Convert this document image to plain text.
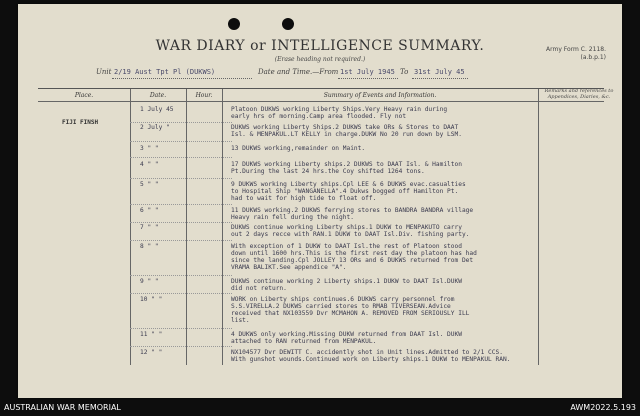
WAR DIARY or INTELLIGENCE SUMMARY.
(Erase heading not required.)
Army Form C. 2118.
(a.b.p.1)
Unit 2/19 Aust Tpt Pl (DUKWS)	Date and Time.—From 1st July 1945 To 31st July 45
Remarks and references to Appendices, Diaries, &c.
Place.	Date.	Hour.	Summary of Events and Information.
FIJI FINSH
1 July 45	Platoon DUKWS working Liberty Ships.Very Heavy rain during
early hrs of morning.Camp area flooded. Fly not
2 July "	DUKWS working Liberty Ships.2 DUKWS take ORs & Stores to DAAT
Isl. & MENPAKUL.LT KELLY in charge.DUKW No 20 run down by LSM.
3 " "	13 DUKWS working,remainder on Maint.
4 " "	17 DUKWS working Liberty ships.2 DUKWS to DAAT Isl. & Hamilton
Pt.During the last 24 hrs.the Coy shifted 1264 tons.
5 " "	9 DUKWS working Liberty ships.Cpl LEE & 6 DUKWS evac.casualties
to Hospital Ship "WANGANELLA".4 Dukws bogged off Hamilton Pt.
had to wait for high tide to float off.
6 " "	11 DUKWS working.2 DUKWS ferrying stores to BANDRA BANDRA village
Heavy rain fell during the night.
7 " "	DUKWS continue working Liberty ships.1 DUKW to MENPAKUTO carry
out 2 days recce with RAN.1 DUKW to DAAT Isl.Div. fishing party.
8 " "	With exception of 1 DUKW to DAAT Isl.the rest of Platoon stood
down until 1600 hrs.This is the first rest day the platoon has had
since the landing.Cpl JOLLEY 13 ORs and 6 DUKWS returned from Det
VRAMA BALIKT.See appendice "A".
9 " "	DUKWS continue working 2 Liberty ships.1 DUKW to DAAT Isl.DUKW
did not return.
10 " "	WORK on Liberty ships continues.6 DUKWS carry personnel from
S.S.VIRELLA.2 DUKWS carried stores to RMAB TIVERSEAN.Advice
received that NX103559 Dvr MCMAHON A. REMOVED FROM SERIOUSLY ILL
list.
11 " "	4 DUKWS only working.Missing DUKW returned from DAAT Isl. DUKW
attached to RAN returned from MENPAKUL.
12 " "	NX104577 Dvr DEWITT C. accidently shot in Unit lines.Admitted to 2/1 CCS.
With gunshot wounds.Continued work on Liberty ships.1 DUKW to MENPAKUL RAN.
AUSTRALIAN WAR MEMORIAL	AWM2022.5.193
